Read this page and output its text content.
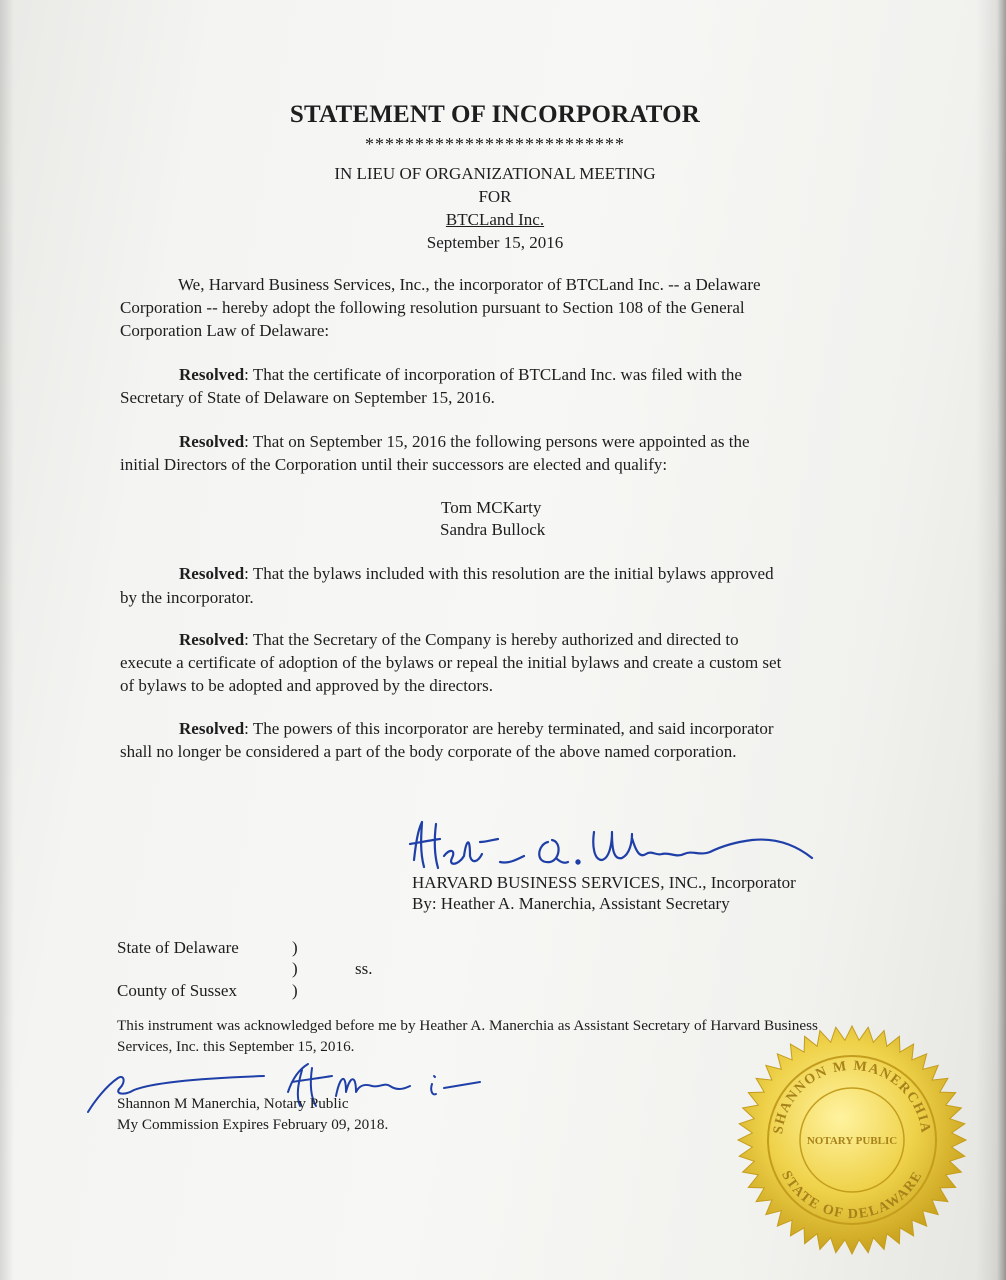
STATEMENT OF INCORPORATOR
**************************
IN LIEU OF ORGANIZATIONAL MEETING
FOR
BTCLand Inc.
September 15, 2016
We, Harvard Business Services, Inc., the incorporator of BTCLand Inc. -- a Delaware
Corporation -- hereby adopt the following resolution pursuant to Section 108 of the General
Corporation Law of Delaware:
Resolved: That the certificate of incorporation of BTCLand Inc. was filed with the
Secretary of State of Delaware on September 15, 2016.
Resolved: That on September 15, 2016 the following persons were appointed as the
initial Directors of the Corporation until their successors are elected and qualify:
Tom MCKarty
Sandra Bullock
Resolved: That the bylaws included with this resolution are the initial bylaws approved
by the incorporator.
Resolved: That the Secretary of the Company is hereby authorized and directed to
execute a certificate of adoption of the bylaws or repeal the initial bylaws and create a custom set
of bylaws to be adopted and approved by the directors.
Resolved: The powers of this incorporator are hereby terminated, and said incorporator
shall no longer be considered a part of the body corporate of the above named corporation.
HARVARD BUSINESS SERVICES, INC., Incorporator
By: Heather A. Manerchia, Assistant Secretary
State of Delaware	)
)	ss.
County of Sussex	)
This instrument was acknowledged before me by Heather A. Manerchia as Assistant Secretary of Harvard Business
Services, Inc. this September 15, 2016.
Shannon M Manerchia, Notary Public
My Commission Expires February 09, 2018.	SHANNON M MANERCHIA
NOTARY PUBLIC
STATE OF DELAWARE
